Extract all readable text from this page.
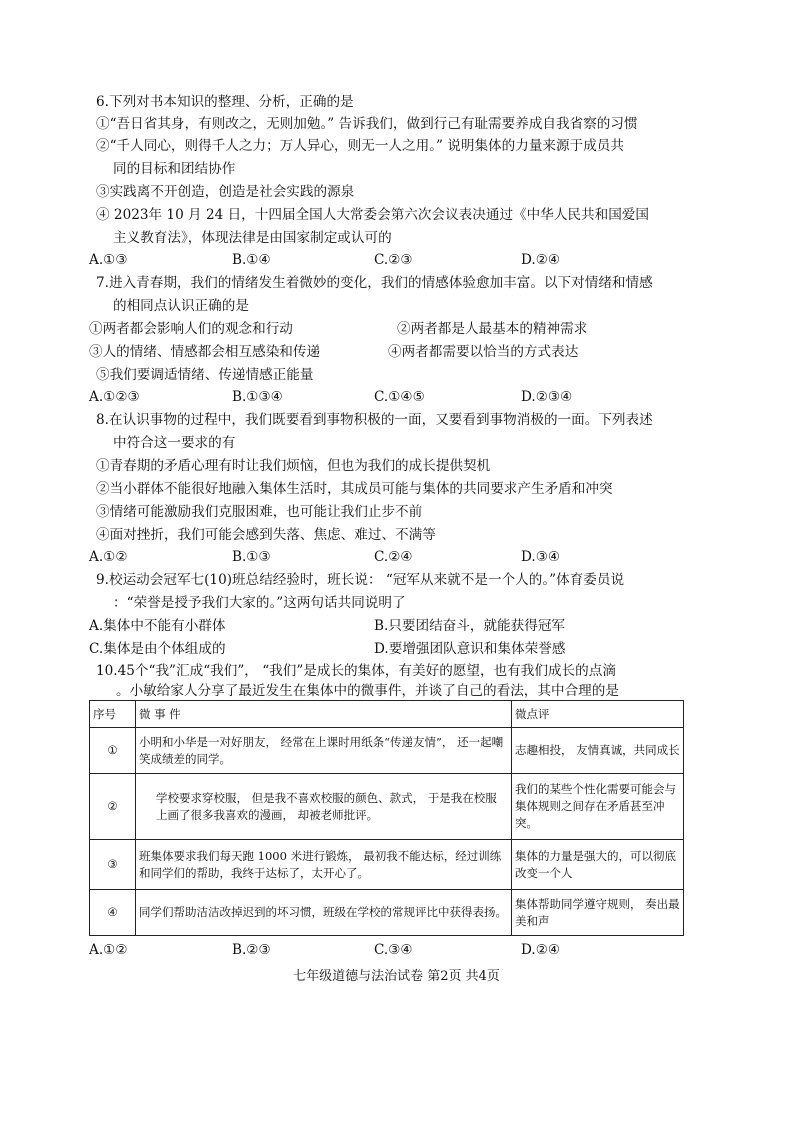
6.下列对书本知识的整理、分析，正确的是
①“吾日省其身，有则改之，无则加勉。” 告诉我们，做到行己有耻需要养成自我省察的习惯
②“千人同心，则得千人之力；万人异心，则无一人之用。” 说明集体的力量来源于成员共
同的目标和团结协作
③实践离不开创造，创造是社会实践的源泉
④ 2023年 10 月 24 日，十四届全国人大常委会第六次会议表决通过《中华人民共和国爱国
主义教育法》，体现法律是由国家制定或认可的
A.①③	B.①④	C.②③	D.②④
7.进入青春期，我们的情绪发生着微妙的变化，我们的情感体验愈加丰富。以下对情绪和情感
的相同点认识正确的是
①两者都会影响人们的观念和行动	②两者都是人最基本的精神需求
③人的情绪、情感都会相互感染和传递	④两者都需要以恰当的方式表达
⑤我们要调适情绪、传递情感正能量
A.①②③	B.①③④	C.①④⑤	D.②③④
8.在认识事物的过程中，我们既要看到事物积极的一面，又要看到事物消极的一面。下列表述
中符合这一要求的有
①青春期的矛盾心理有时让我们烦恼，但也为我们的成长提供契机
②当小群体不能很好地融入集体生活时，其成员可能与集体的共同要求产生矛盾和冲突
③情绪可能激励我们克服困难，也可能让我们止步不前
④面对挫折，我们可能会感到失落、焦虑、难过、不满等
A.①②	B.①③	C.②④	D.③④
9.校运动会冠军七(10)班总结经验时，班长说： “冠军从来就不是一个人的。”体育委员说
：“荣誉是授予我们大家的。”这两句话共同说明了
A.集体中不能有小群体	B.只要团结奋斗，就能获得冠军
C.集体是由个体组成的	D.要增强团队意识和集体荣誉感
10.45个“我”汇成“我们”， “我们”是成长的集体，有美好的愿望，也有我们成长的点滴
。小敏给家人分享了最近发生在集体中的微事件，并谈了自己的看法，其中合理的是
序号	微 事 件	微点评
①	小明和小华是一对好朋友， 经常在上课时用纸条“传递友情”， 还一起嘲笑成绩差的同学。	志趣相投， 友情真诚，共同成长
②	学校要求穿校服， 但是我不喜欢校服的颜色、款式， 于是我在校服上画了很多我喜欢的漫画， 却被老师批评。	我们的某些个性化需要可能会与集体规则之间存在矛盾甚至冲突。
③	班集体要求我们每天跑 1000 米进行锻炼， 最初我不能达标，经过训练和同学们的帮助，我终于达标了，太开心了。	集体的力量是强大的，可以彻底改变一个人
④	同学们帮助洁洁改掉迟到的坏习惯，班级在学校的常规评比中获得表扬。	集体帮助同学遵守规则， 奏出最美和声
A.①②	B.②③	C.③④	D.②④
七年级道德与法治试卷 第2页 共4页
